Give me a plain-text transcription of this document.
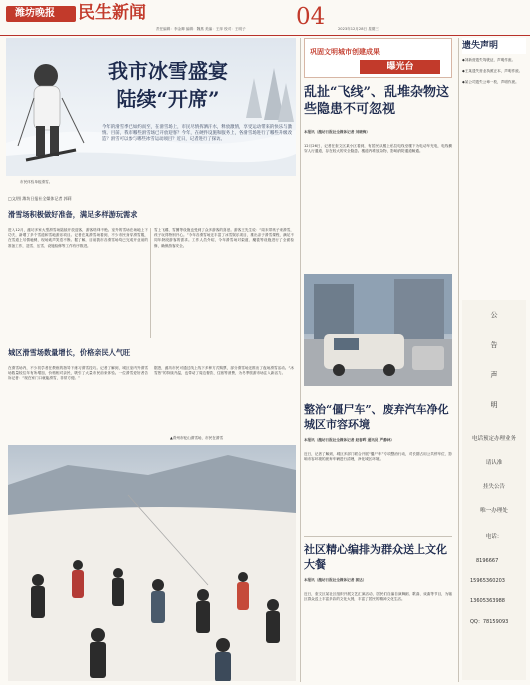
潍坊晚报	民生新闻
责任编辑：李金卿 编辑：魏燕 美编：王萍 校对：王明子	04	2023年12月28日 星期三
我市冰雪盛宴
陆续“开席”
今年的滑雪季已如约而至，在滑雪场上，市民尽情挥洒汗水，释放激情，享受运动带来的快乐与激情。目前，我市哪些滑雪场已开放迎客？今年，在硬件设施和服务上，各滑雪场进行了哪些升级改造？滑雪可以参与哪些冰雪运动项目？近日，记者进行了探访。
市民体验单板滑雪。
□文/图 潍坊日报社全媒体记者 郭莉
滑雪场积极做好准备，满足多样游玩需求
进入12月，潍坊多家大型滑雪场陆续开放迎客，游客络绎不绝。室外的雪场在场地上下功夫，新增了多个雪道和雪地游乐项目。记者在某滑雪场看到，不少市民身穿滑雪服，在雪道上尽情驰骋，现场欢声笑语不断。据了解，目前我市各滑雪场均已完成开业前的准备工作，造雪、压雪、设施检修等工作有序推进。
雪上飞碟、雪圈等设施也受到了众多游客的喜爱。游客王先生说：“周末带孩子来滑雪，孩子玩得特别开心。”今年各滑雪场还丰富了冰雪娱乐项目，推出亲子滑雪课程，满足不同年龄段游客的需求。工作人员介绍，今年滑雪场对索道、魔毯等设施进行了全面检修，确保游客安全。
城区滑雪场数量增长，价格亲民人气旺
在滑雪场内，不少初学者在教练的指导下练习滑雪技巧。记者了解到，城区室内外滑雪场数量较往年有所增加，价格相对亲民，吸引了大量市民前来体验。一位滑雪爱好者告诉记者：“现在家门口就能滑雪，非常方便。”
据悉，潍坊市民可通过线上线下多种方式购票，部分滑雪场还推出了夜场滑雪活动。“冰雪热”的持续升温，也带动了周边餐饮、住宿等消费，为冬季旅游市场注入新活力。
▲青州市驼山滑雪场，市民在滑雪
巩固文明城市创建成果
曝光台
乱扯“飞线”、乱堆杂物这些隐患不可忽视
本报讯（潍坊日报社全媒体记者 刘晓梅）
12月26日，记者在奎文区某小区看到，有居民从楼上私拉电线至楼下为电动车充电，电线横穿人行通道，存在较大的安全隐患。楼道内堆放杂物，影响消防通道畅通。
整治“僵尸车”、废弃汽车净化城区市容环境
本报讯（潍坊日报社全媒体记者 赵春晖 通讯员 严静林）
近日，记者了解到，城区多部门联合开展“僵尸车”专项整治行动，对长期占用公共停车位、影响市容环境的废弃车辆进行清理，净化城区环境。
社区精心编排为群众送上文化大餐
本报讯（潍坊日报社全媒体记者 郭达）
近日，奎文区某社区组织开展文艺汇演活动，居民们自编自演舞蹈、歌曲、戏曲等节目，为辖区群众送上丰富多彩的文化大餐，丰富了居民的精神文化生活。
遗失声明
◆刘新营遗失驾驶证，声明作废。
◆王某遗失营业执照正本，声明作废。
◆某公司遗失公章一枚，声明作废。
公
告
声
明
电话预定办理业务
请认准
挂失公告
唯一办理处
电话：
8196667
15965360203
13605363988
QQ：78159093
